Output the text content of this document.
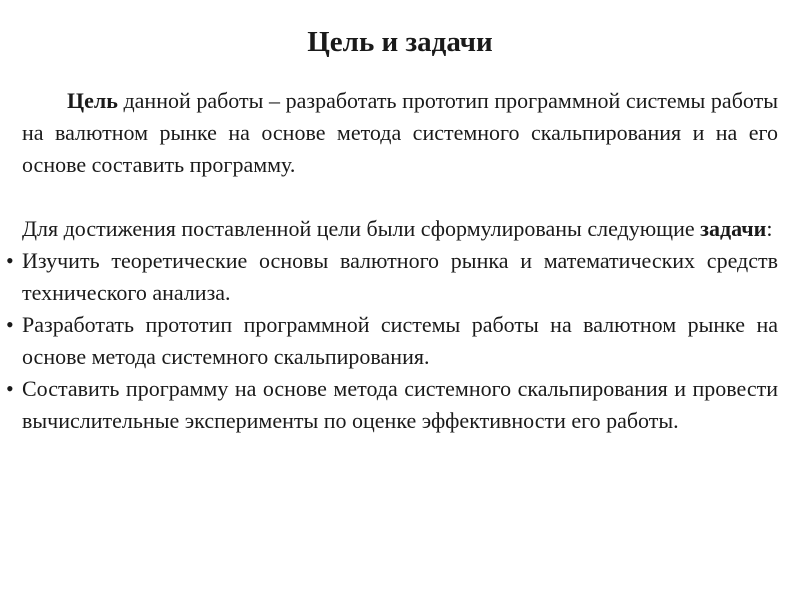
Цель и задачи

Цель данной работы – разработать прототип программной системы работы на валютном рынке на основе метода системного скальпирования и на его основе составить программу.

Для достижения поставленной цели были сформулированы следующие задачи:

• Изучить теоретические основы валютного рынка и математических средств технического анализа.
• Разработать прототип программной системы работы на валютном рынке на основе метода системного скальпирования.
• Составить программу на основе метода системного скальпирования и провести вычислительные эксперименты по оценке эффективности его работы.
